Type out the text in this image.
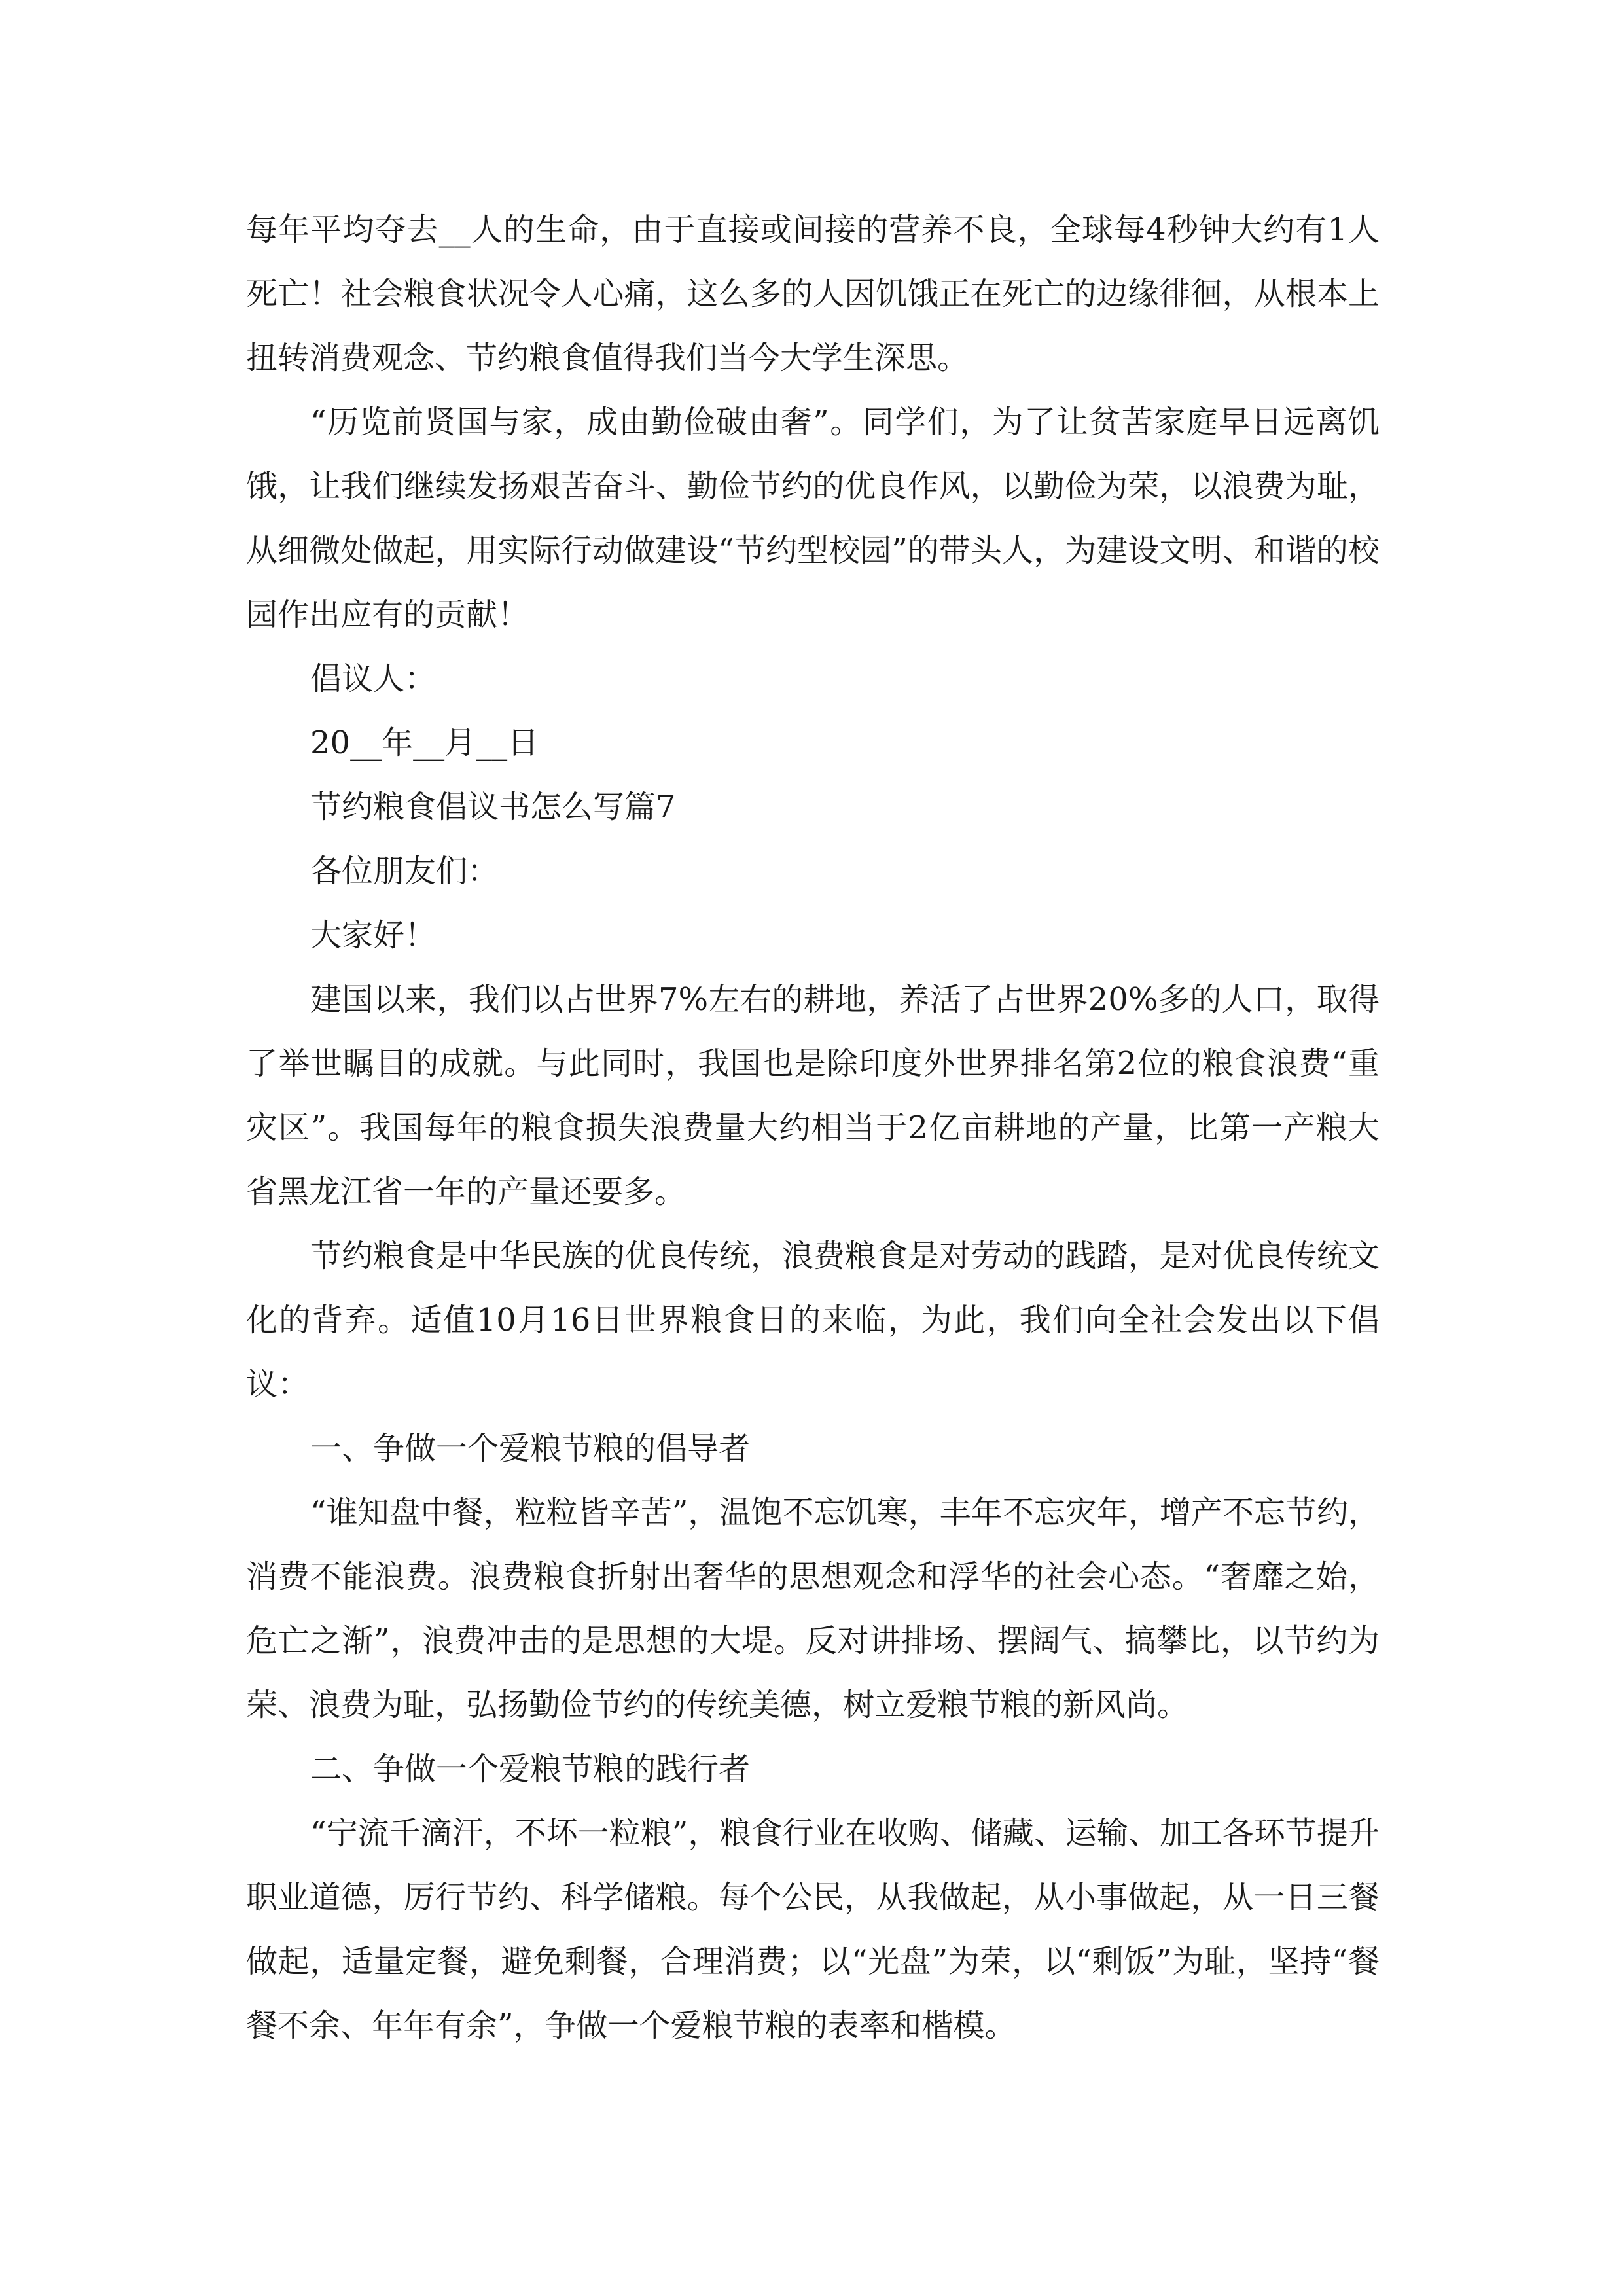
每年平均夺去__人的生命，由于直接或间接的营养不良，全球每4秒钟大约有1人死亡！社会粮食状况令人心痛，这么多的人因饥饿正在死亡的边缘徘徊，从根本上扭转消费观念、节约粮食值得我们当今大学生深思。

“历览前贤国与家，成由勤俭破由奢”。同学们，为了让贫苦家庭早日远离饥饿，让我们继续发扬艰苦奋斗、勤俭节约的优良作风，以勤俭为荣，以浪费为耻，从细微处做起，用实际行动做建设“节约型校园”的带头人，为建设文明、和谐的校园作出应有的贡献！

倡议人：

20__年__月__日

节约粮食倡议书怎么写篇7

各位朋友们：

大家好！

建国以来，我们以占世界7%左右的耕地，养活了占世界20%多的人口，取得了举世瞩目的成就。与此同时，我国也是除印度外世界排名第2位的粮食浪费“重灾区”。我国每年的粮食损失浪费量大约相当于2亿亩耕地的产量，比第一产粮大省黑龙江省一年的产量还要多。

节约粮食是中华民族的优良传统，浪费粮食是对劳动的践踏，是对优良传统文化的背弃。适值10月16日世界粮食日的来临，为此，我们向全社会发出以下倡议：

一、争做一个爱粮节粮的倡导者

“谁知盘中餐，粒粒皆辛苦”，温饱不忘饥寒，丰年不忘灾年，增产不忘节约，消费不能浪费。浪费粮食折射出奢华的思想观念和浮华的社会心态。“奢靡之始，危亡之渐”，浪费冲击的是思想的大堤。反对讲排场、摆阔气、搞攀比，以节约为荣、浪费为耻，弘扬勤俭节约的传统美德，树立爱粮节粮的新风尚。

二、争做一个爱粮节粮的践行者

“宁流千滴汗，不坏一粒粮”，粮食行业在收购、储藏、运输、加工各环节提升职业道德，厉行节约、科学储粮。每个公民，从我做起，从小事做起，从一日三餐做起，适量定餐，避免剩餐，合理消费；以“光盘”为荣，以“剩饭”为耻，坚持“餐餐不余、年年有余”，争做一个爱粮节粮的表率和楷模。
